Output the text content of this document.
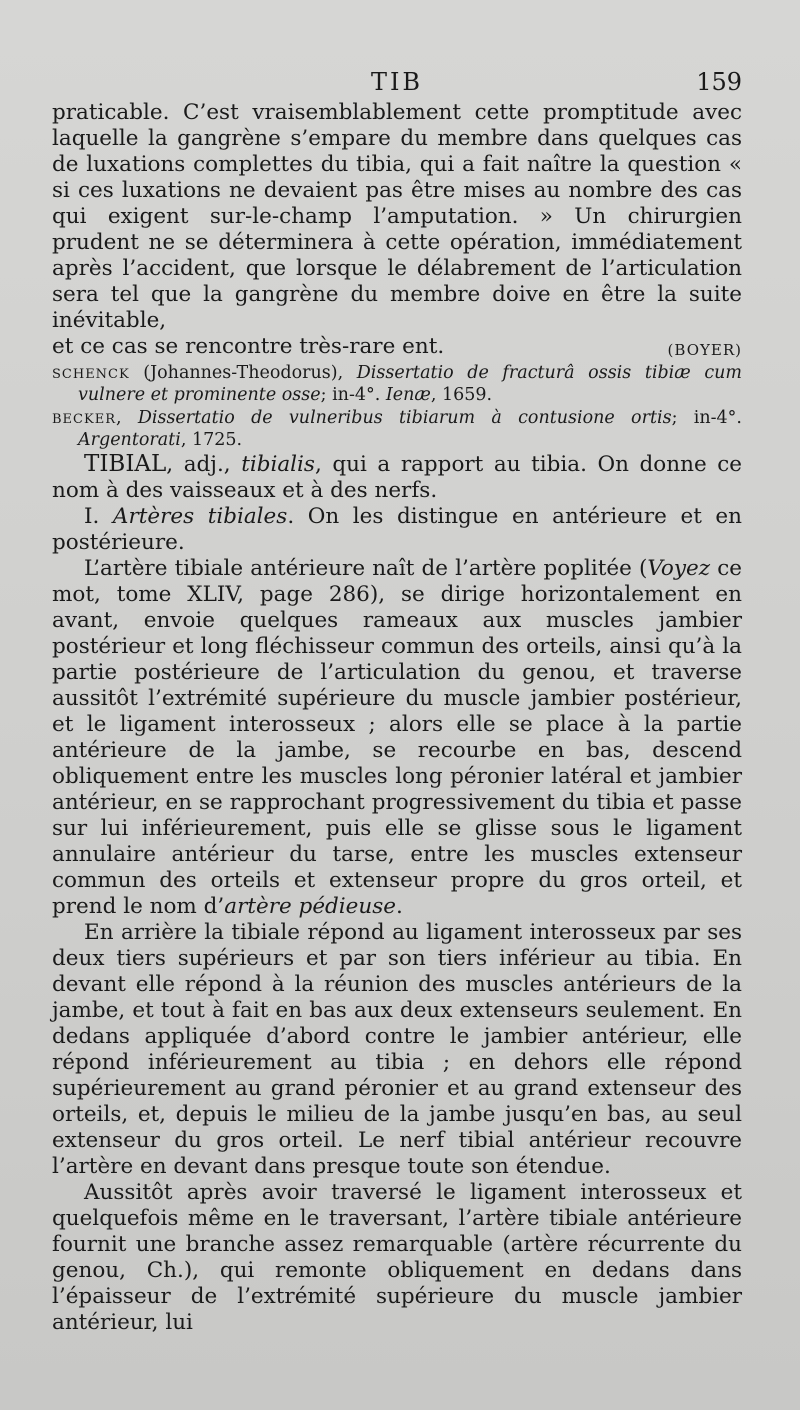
TIB	159

praticable. C’est vraisemblablement cette promptitude avec laquelle la gangrène s’empare du membre dans quelques cas de luxations complettes du tibia, qui a fait naître la question « si ces luxations ne devaient pas être mises au nombre des cas qui exigent sur-le-champ l’amputation. » Un chirurgien prudent ne se déterminera à cette opération, immédiatement après l’accident, que lorsque le délabrement de l’articulation sera tel que la gangrène du membre doive en être la suite inévitable,

et ce cas se rencontre très-rare ent.	(BOYER)

SCHENCK (Johannes-Theodorus), Dissertatio de fracturâ ossis tibiæ cum vulnere et prominente osse; in-4°. Ienæ, 1659.

BECKER, Dissertatio de vulneribus tibiarum à contusione ortis; in-4°. Argentorati, 1725.

TIBIAL, adj., tibialis, qui a rapport au tibia. On donne ce nom à des vaisseaux et à des nerfs.

I. Artères tibiales. On les distingue en antérieure et en postérieure.

L’artère tibiale antérieure naît de l’artère poplitée (Voyez ce mot, tome XLIV, page 286), se dirige horizontalement en avant, envoie quelques rameaux aux muscles jambier postérieur et long fléchisseur commun des orteils, ainsi qu’à la partie postérieure de l’articulation du genou, et traverse aussitôt l’extrémité supérieure du muscle jambier postérieur, et le ligament interosseux ; alors elle se place à la partie antérieure de la jambe, se recourbe en bas, descend obliquement entre les muscles long péronier latéral et jambier antérieur, en se rapprochant progressivement du tibia et passe sur lui inférieurement, puis elle se glisse sous le ligament annulaire antérieur du tarse, entre les muscles extenseur commun des orteils et extenseur propre du gros orteil, et prend le nom d’artère pédieuse.

En arrière la tibiale répond au ligament interosseux par ses deux tiers supérieurs et par son tiers inférieur au tibia. En devant elle répond à la réunion des muscles antérieurs de la jambe, et tout à fait en bas aux deux extenseurs seulement. En dedans appliquée d’abord contre le jambier antérieur, elle répond inférieurement au tibia ; en dehors elle répond supérieurement au grand péronier et au grand extenseur des orteils, et, depuis le milieu de la jambe jusqu’en bas, au seul extenseur du gros orteil. Le nerf tibial antérieur recouvre l’artère en devant dans presque toute son étendue.

Aussitôt après avoir traversé le ligament interosseux et quelquefois même en le traversant, l’artère tibiale antérieure fournit une branche assez remarquable (artère récurrente du genou, Ch.), qui remonte obliquement en dedans dans l’épaisseur de l’extrémité supérieure du muscle jambier antérieur, lui
